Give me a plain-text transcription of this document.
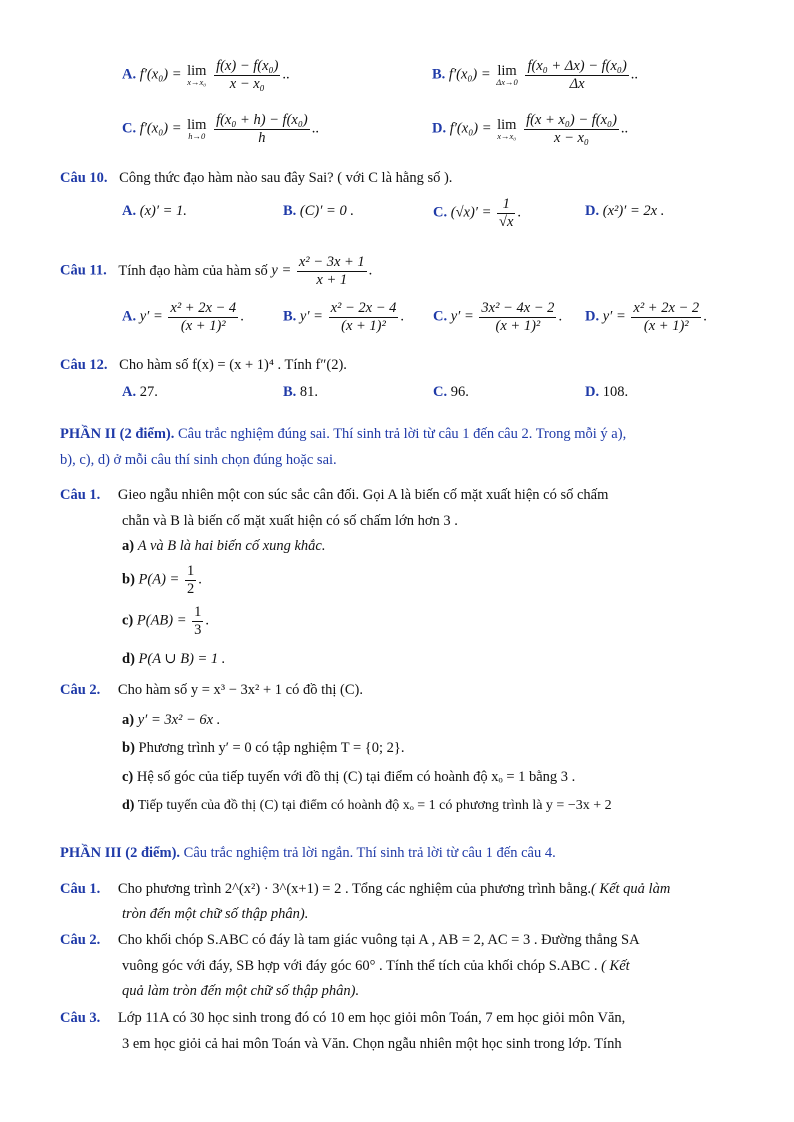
A. f′(x₀) = lim
x→x₀
$\frac{\text{f(x) − f(x₀)}}{\text{x − x₀}}$ ..	B. f′(x₀) = lim
Δx→0
$\frac{\text{f(x₀ + Δx) − f(x₀)}}{\Delta x}$ ..
C. f′(x₀) = lim
h→0
$\frac{\text{f(x₀ + h) − f(x₀)}}{h}$ ..	D. f′(x₀) = lim
x→x₀
$\frac{\text{f(x + x₀) − f(x₀)}}{\text{x − x₀}}$ ..
Câu 10. Công thức đạo hàm nào sau đây Sai? ( với C là hằng số ).
A. (x)′ = 1.	B. (C)′ = 0 .	C. $(√x)' = \frac{1}{√x}$ .	D. (x²)′ = 2x .
Câu 11. Tính đạo hàm của hàm số $y = \frac{\text{x² − 3x + 1}}{x + 1}$ .
A. $y' = \frac{\text{x² + 2x − 4}}{\text{(x + 1)²}}$ .	B. $y' = \frac{\text{x² − 2x − 4}}{\text{(x + 1)²}}$ . C. $y' = \frac{\text{3x² − 4x − 2}}{\text{(x + 1)²}}$ . D. $y' = \frac{\text{x² + 2x − 2}}{\text{(x + 1)²}}$ .
Câu 12. Cho hàm số f(x) = (x + 1)⁴ . Tính f″(2).
A. 27.	B. 81.	C. 96.	D. 108.
PHẦN II (2 điểm). Câu trắc nghiệm đúng sai. Thí sinh trả lời từ câu 1 đến câu 2. Trong mỗi ý a),
b), c), d) ở mỗi câu thí sinh chọn đúng hoặc sai.
Câu 1. Gieo ngẫu nhiên một con súc sắc cân đối. Gọi A là biến cố mặt xuất hiện có số chấm
chẵn và B là biến cố mặt xuất hiện có số chấm lớn hơn 3 .
a) A và B là hai biến cố xung khắc.
b) $P(A) = \frac{1}{2}$ .
c) $P(AB) = \frac{1}{3}$ .
d) P(A ∪ B) = 1 .
Câu 2. Cho hàm số y = x³ − 3x² + 1 có đồ thị (C).
a) y′ = 3x² − 6x .
b) Phương trình y′ = 0 có tập nghiệm T = {0; 2}.
c) Hệ số góc của tiếp tuyến với đồ thị (C) tại điểm có hoành độ xₒ = 1 bằng 3 .
d) Tiếp tuyến của đồ thị (C) tại điểm có hoành độ xₒ = 1 có phương trình là y = −3x + 2
PHẦN III (2 điểm). Câu trắc nghiệm trả lời ngắn. Thí sinh trả lời từ câu 1 đến câu 4.
Câu 1. Cho phương trình 2^(x²) · 3^(x+1) = 2 . Tổng các nghiệm của phương trình bằng.( Kết quả làm
tròn đến một chữ số thập phân).
Câu 2. Cho khối chóp S.ABC có đáy là tam giác vuông tại A , AB = 2, AC = 3 . Đường thẳng SA
vuông góc với đáy, SB hợp với đáy góc 60° . Tính thể tích của khối chóp S.ABC . ( Kết
quả làm tròn đến một chữ số thập phân).
Câu 3. Lớp 11A có 30 học sinh trong đó có 10 em học giỏi môn Toán, 7 em học giỏi môn Văn,
3 em học giỏi cả hai môn Toán và Văn. Chọn ngẫu nhiên một học sinh trong lớp. Tính
